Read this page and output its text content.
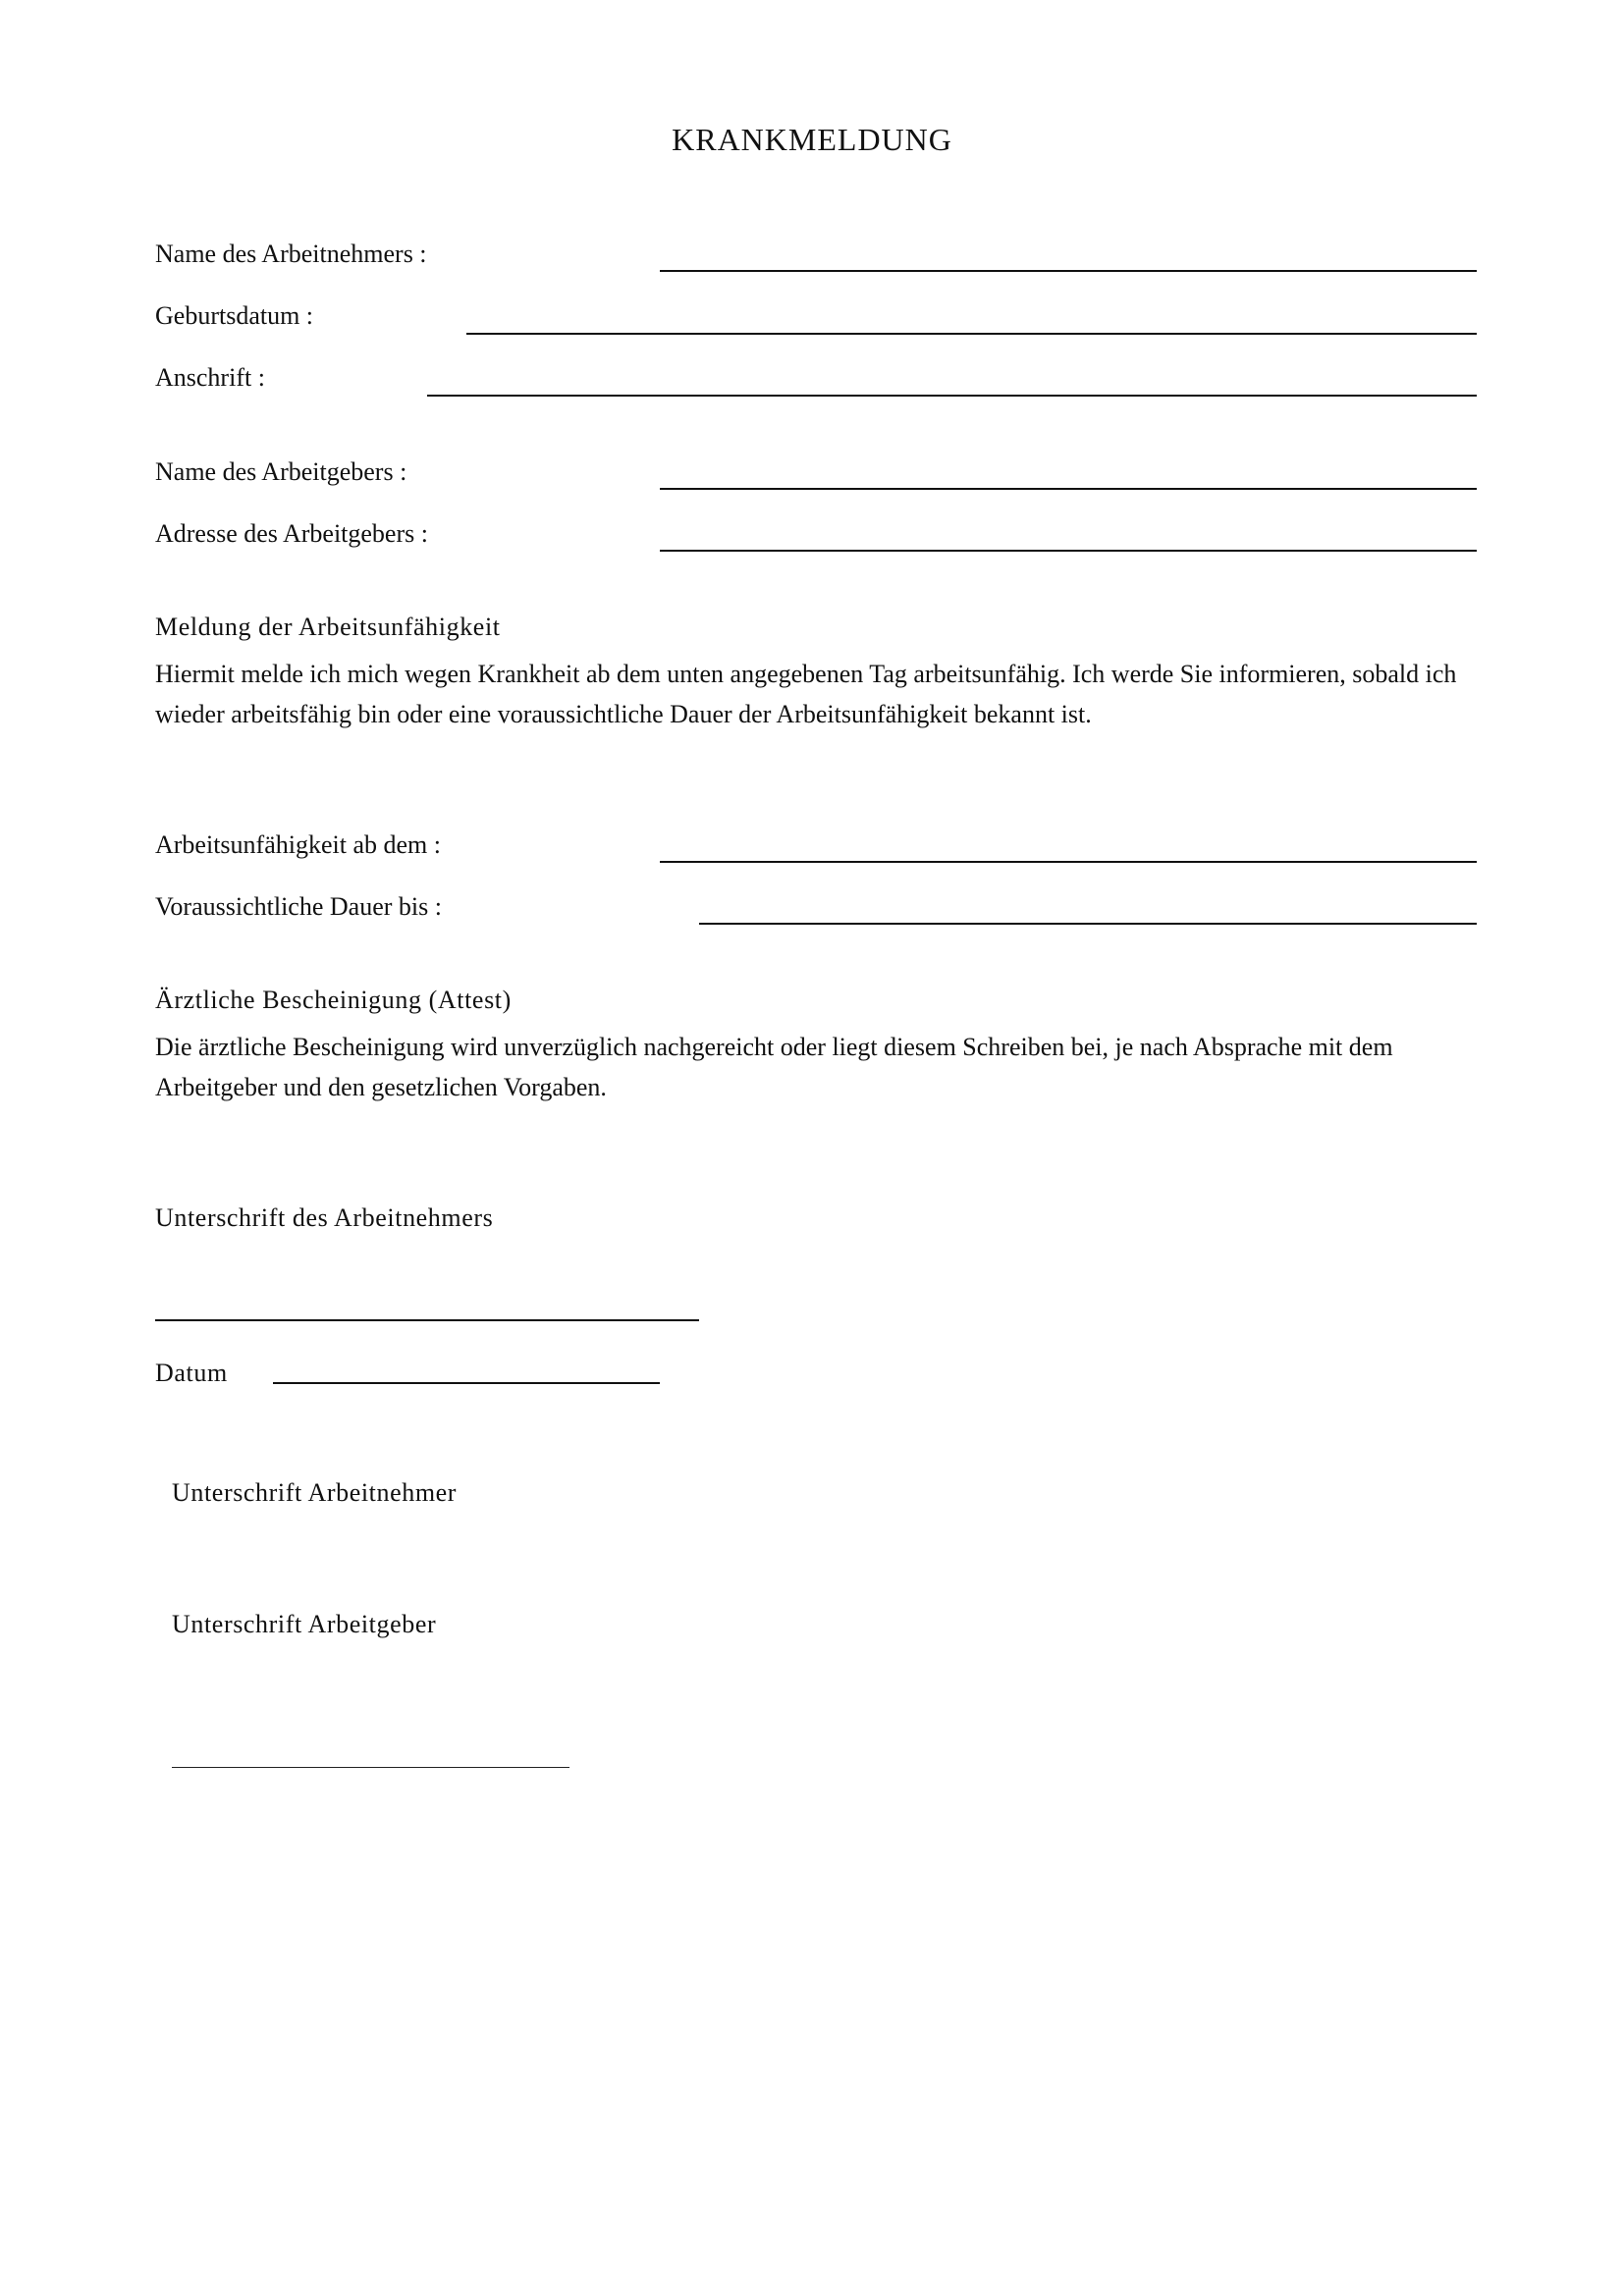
KRANKMELDUNG
Name des Arbeitnehmers :
Geburtsdatum :
Anschrift :
Name des Arbeitgebers :
Adresse des Arbeitgebers :
Meldung der Arbeitsunfähigkeit
Hiermit melde ich mich wegen Krankheit ab dem unten angegebenen Tag arbeitsunfähig. Ich werde Sie informieren, sobald ich wieder arbeitsfähig bin oder eine voraussichtliche Dauer der Arbeitsunfähigkeit bekannt ist.
Arbeitsunfähigkeit ab dem :
Voraussichtliche Dauer bis :
Ärztliche Bescheinigung (Attest)
Die ärztliche Bescheinigung wird unverzüglich nachgereicht oder liegt diesem Schreiben bei, je nach Absprache mit dem Arbeitgeber und den gesetzlichen Vorgaben.
Unterschrift des Arbeitnehmers
Datum
Unterschrift Arbeitnehmer
Unterschrift Arbeitgeber
